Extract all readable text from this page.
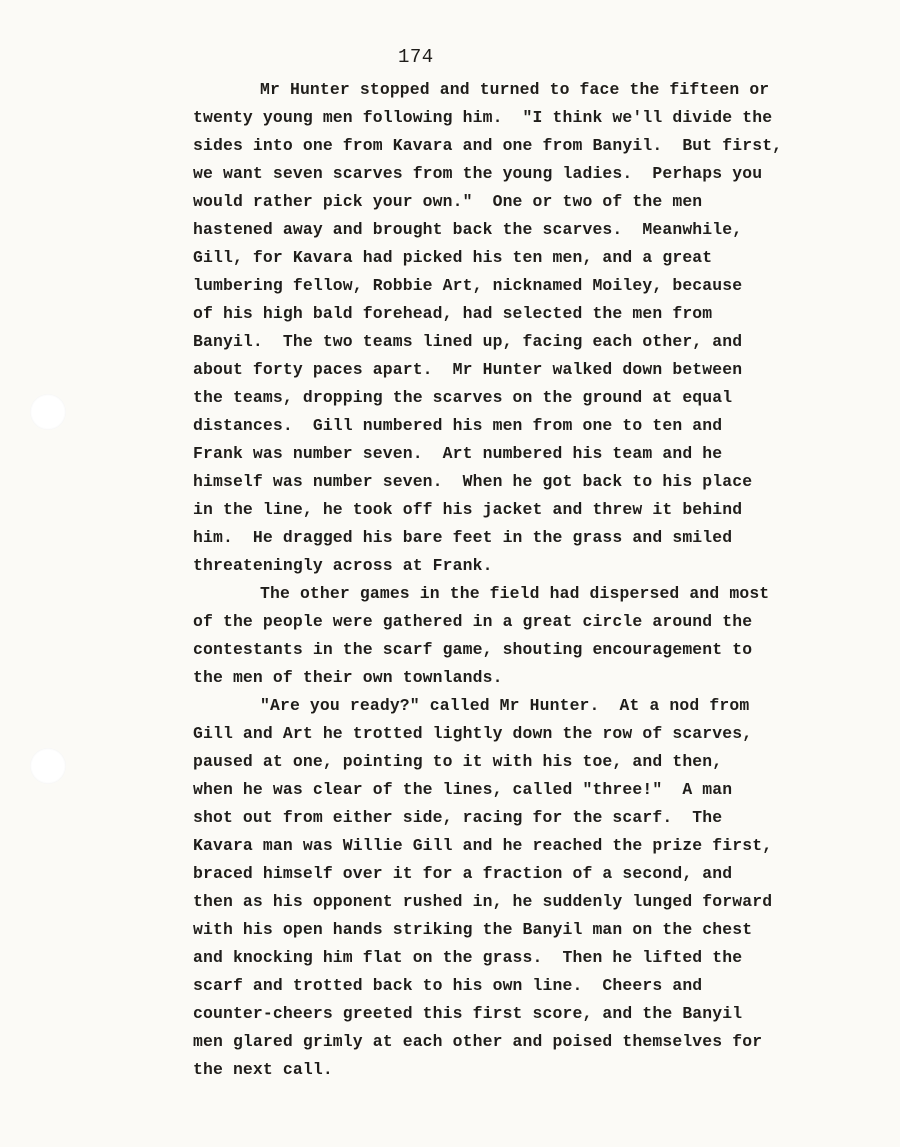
174
Mr Hunter stopped and turned to face the fifteen or
twenty young men following him.  "I think we'll divide the
sides into one from Kavara and one from Banyil.  But first,
we want seven scarves from the young ladies.  Perhaps you
would rather pick your own."  One or two of the men
hastened away and brought back the scarves.  Meanwhile,
Gill, for Kavara had picked his ten men, and a great
lumbering fellow, Robbie Art, nicknamed Moiley, because
of his high bald forehead, had selected the men from
Banyil.  The two teams lined up, facing each other, and
about forty paces apart.  Mr Hunter walked down between
the teams, dropping the scarves on the ground at equal
distances.  Gill numbered his men from one to ten and
Frank was number seven.  Art numbered his team and he
himself was number seven.  When he got back to his place
in the line, he took off his jacket and threw it behind
him.  He dragged his bare feet in the grass and smiled
threateningly across at Frank.
The other games in the field had dispersed and most
of the people were gathered in a great circle around the
contestants in the scarf game, shouting encouragement to
the men of their own townlands.
"Are you ready?" called Mr Hunter.  At a nod from
Gill and Art he trotted lightly down the row of scarves,
paused at one, pointing to it with his toe, and then,
when he was clear of the lines, called "three!"  A man
shot out from either side, racing for the scarf.  The
Kavara man was Willie Gill and he reached the prize first,
braced himself over it for a fraction of a second, and
then as his opponent rushed in, he suddenly lunged forward
with his open hands striking the Banyil man on the chest
and knocking him flat on the grass.  Then he lifted the
scarf and trotted back to his own line.  Cheers and
counter-cheers greeted this first score, and the Banyil
men glared grimly at each other and poised themselves for
the next call.
